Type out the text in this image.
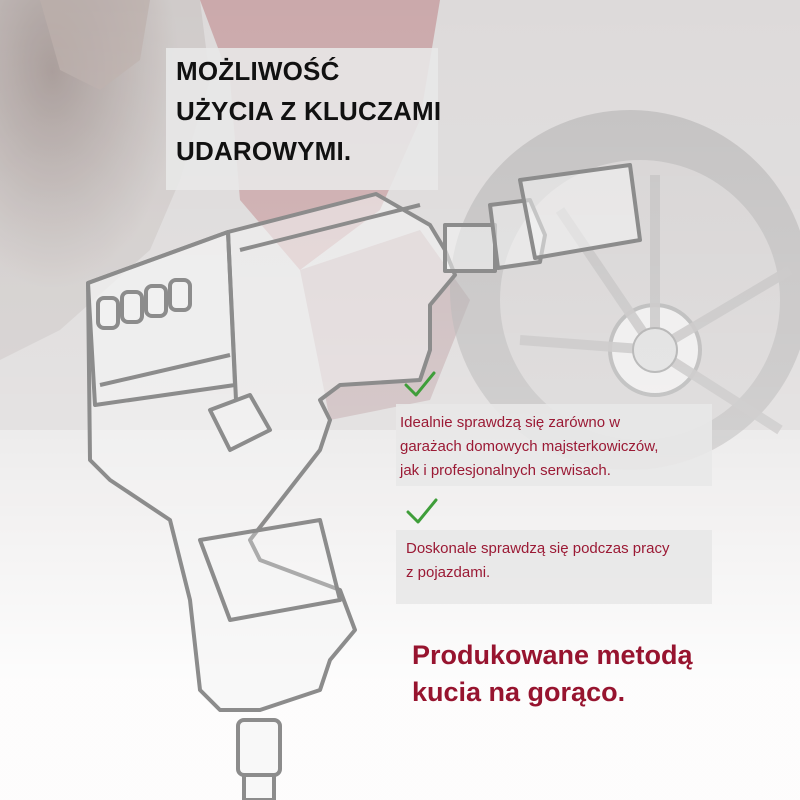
MOŻLIWOŚĆ
UŻYCIA Z KLUCZAMI
UDAROWYMI.
Idealnie sprawdzą się zarówno w
garażach domowych majsterkowiczów,
jak i profesjonalnych serwisach.
Doskonale sprawdzą się podczas pracy
z pojazdami.
Produkowane metodą
kucia na gorąco.
